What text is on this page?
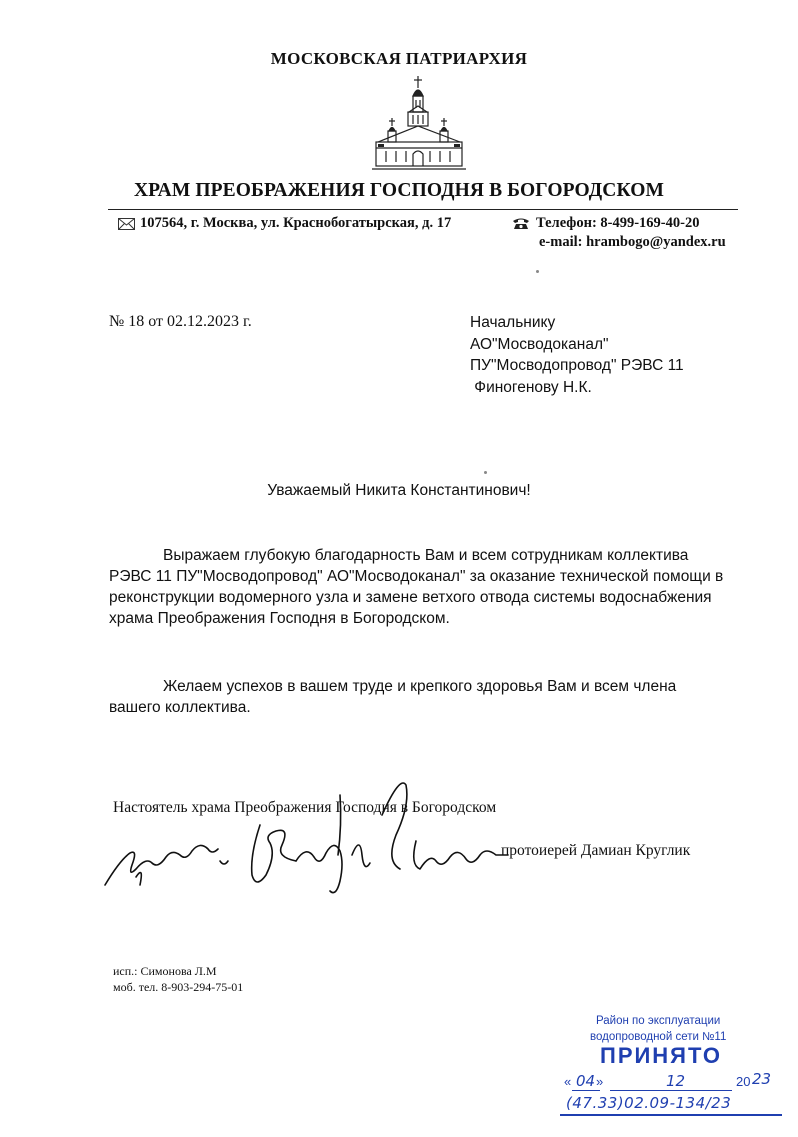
МОСКОВСКАЯ ПАТРИАРХИЯ
ХРАМ ПРЕОБРАЖЕНИЯ ГОСПОДНЯ В БОГОРОДСКОМ
107564, г. Москва, ул. Краснобогатырская, д. 17	Телефон: 8-499-169-40-20
e-mail: hrambogo@yandex.ru
№ 18 от 02.12.2023 г.	Начальнику
АО"Мосводоканал"
ПУ"Мосводопровод" РЭВС 11
Финогенову Н.К.
Уважаемый Никита Константинович!
Выражаем глубокую благодарность Вам и всем сотрудникам коллектива РЭВС 11 ПУ"Мосводопровод" АО"Мосводоканал" за оказание технической помощи в реконструкции водомерного узла и замене ветхого отвода системы водоснабжения храма Преображения Господня в Богородском.
Желаем успехов в вашем труде и крепкого здоровья Вам и всем члена вашего коллектива.
Настоятель храма Преображения Господня в Богородском
протоиерей Дамиан Круглик
исп.: Симонова Л.М
моб. тел. 8-903-294-75-01
Район по эксплуатации
водопроводной сети №11
ПРИНЯТО
« 04 »	12	20 23
(47.33)02.09-134/23
